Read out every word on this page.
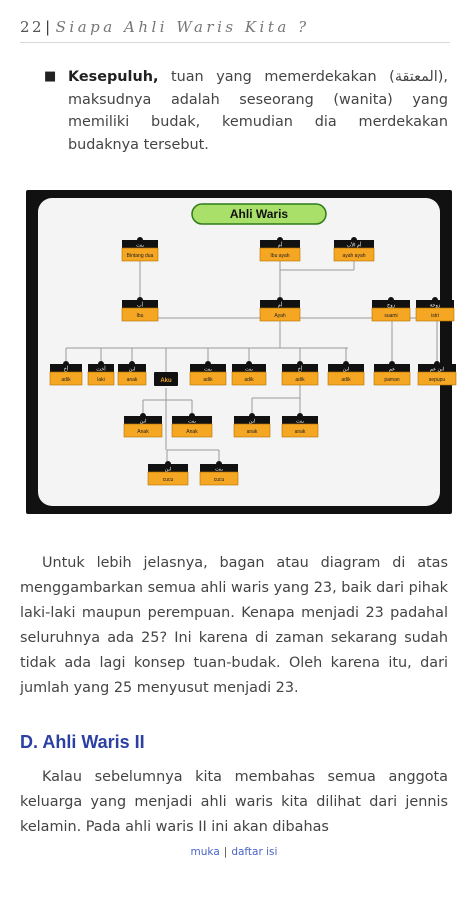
22| Siapa Ahli Waris Kita ?
■ Kesepuluh, tuan yang memerdekakan (المعتقة), maksudnya adalah seseorang (wanita) yang memiliki budak, kemudian dia merdekakan budaknya tersebut.
Ahli Waris
بنت
Bintang dua
أم
Ibu ayah
أم الأب
ayah ayah
أب
Ibu
أم
Ayah
زوج
suami
زوجة
istri
أخ
adik
أخت
laki
ابن
anak	Aku
بنت
adik
بنت
adik
أخ
adik
ابن
adik
عم
paman
ابن عم
sepupu
ابن
Anak
بنت
Anak
ابن
anak
بنت
anak
ابن
cucu
بنت
cucu
Untuk lebih jelasnya, bagan atau diagram di atas menggambarkan semua ahli waris yang 23, baik dari pihak laki-laki maupun perempuan. Kenapa menjadi 23 padahal seluruhnya ada 25? Ini karena di zaman sekarang sudah tidak ada lagi konsep tuan-budak. Oleh karena itu, dari jumlah yang 25 menyusut menjadi 23.
D. Ahli Waris II
Kalau sebelumnya kita membahas semua anggota keluarga yang menjadi ahli waris kita dilihat dari jennis kelamin. Pada ahli waris II ini akan dibahas
muka | daftar isi
